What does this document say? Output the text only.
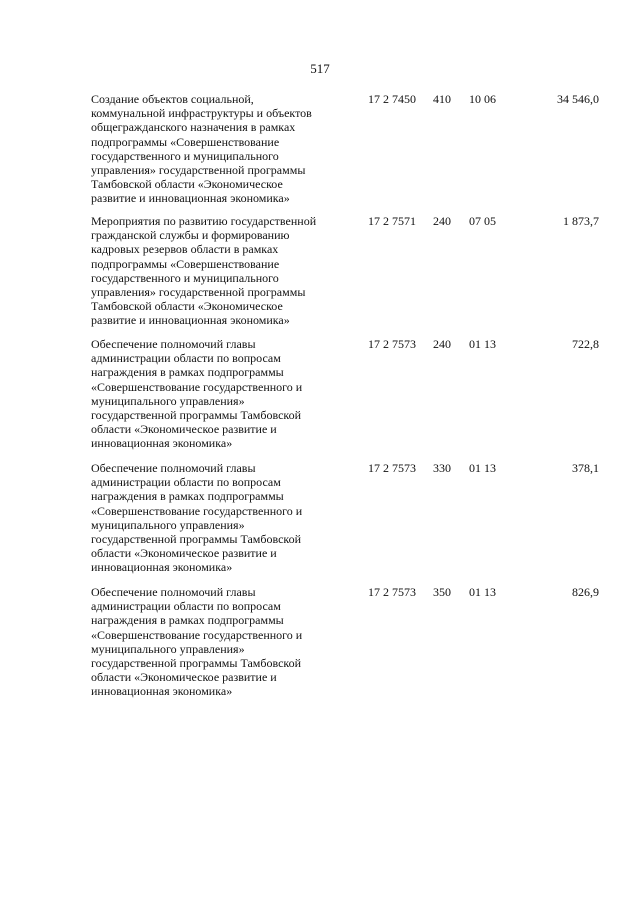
517
Создание объектов социальной,
коммунальной инфраструктуры и объектов
общегражданского назначения в рамках
подпрограммы «Совершенствование
государственного и муниципального
управления» государственной программы
Тамбовской области «Экономическое
развитие и инновационная экономика»
17 2 7450 410 10 06	34 546,0
Мероприятия по развитию государственной
гражданской службы и формированию
кадровых резервов области в рамках
подпрограммы «Совершенствование
государственного и муниципального
управления» государственной программы
Тамбовской области «Экономическое
развитие и инновационная экономика»
17 2 7571 240 07 05	1 873,7
Обеспечение полномочий главы
администрации области по вопросам
награждения в рамках подпрограммы
«Совершенствование государственного и
муниципального управления»
государственной программы Тамбовской
области «Экономическое развитие и
инновационная экономика»
17 2 7573 240 01 13	722,8
Обеспечение полномочий главы
администрации области по вопросам
награждения в рамках подпрограммы
«Совершенствование государственного и
муниципального управления»
государственной программы Тамбовской
области «Экономическое развитие и
инновационная экономика»
17 2 7573 330 01 13	378,1
Обеспечение полномочий главы
администрации области по вопросам
награждения в рамках подпрограммы
«Совершенствование государственного и
муниципального управления»
государственной программы Тамбовской
области «Экономическое развитие и
инновационная экономика»
17 2 7573 350 01 13	826,9
